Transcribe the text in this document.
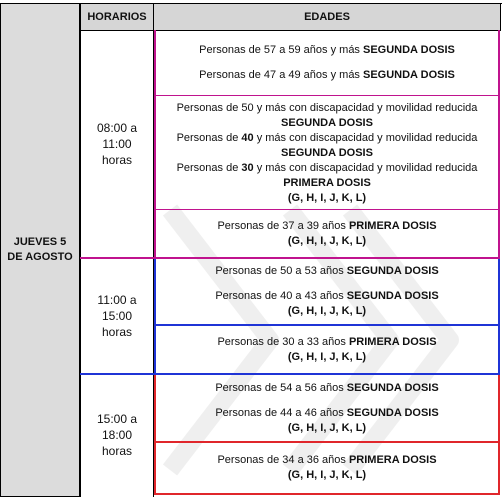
HORARIOS	EDADES
JUEVES 5
DE AGOSTO
08:00 a
11:00
horas
11:00 a
15:00
horas
15:00 a
18:00
horas
Personas de 57 a 59 años y más SEGUNDA DOSIS
Personas de 47 a 49 años y más SEGUNDA DOSIS
Personas de 50 y más con discapacidad y movilidad reducida
SEGUNDA DOSIS
Personas de 40 y más con discapacidad y movilidad reducida
SEGUNDA DOSIS
Personas de 30 y más con discapacidad y movilidad reducida
PRIMERA DOSIS
(G, H, I, J, K, L)
Personas de 37 a 39 años PRIMERA DOSIS
(G, H, I, J, K, L)
Personas de 50 a 53 años SEGUNDA DOSIS
Personas de 40 a 43 años SEGUNDA DOSIS
(G, H, I, J, K, L)
Personas de 30 a 33 años PRIMERA DOSIS
(G, H, I, J, K, L)
Personas de 54 a 56 años SEGUNDA DOSIS
Personas de 44 a 46 años SEGUNDA DOSIS
(G, H, I, J, K, L)
Personas de 34 a 36 años PRIMERA DOSIS
(G, H, I, J, K, L)
